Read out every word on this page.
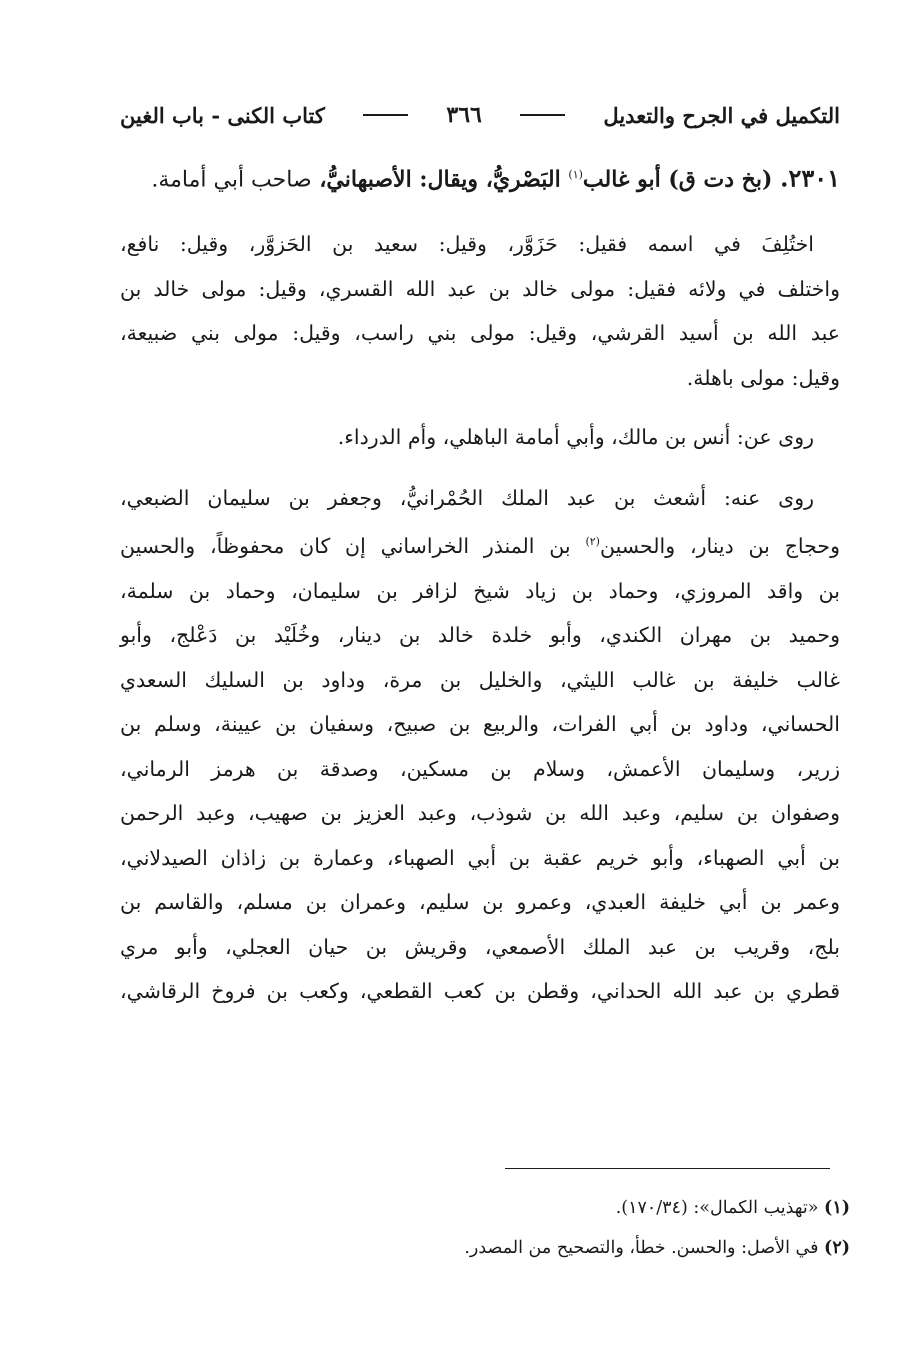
التكميل في الجرح والتعديل
٣٦٦
كتاب الكنى - باب الغين
٢٣٠١. (بخ دت ق) أبو غالب$^{(١)}$ البَصْريُّ، ويقال: الأصبهانيُّ، صاحب أبي أمامة.
اختُلِفَ في اسمه فقيل: حَزَوَّر، وقيل: سعيد بن الحَزوَّر، وقيل: نافع،
واختلف في ولائه فقيل: مولى خالد بن عبد الله القسري، وقيل: مولى خالد بن
عبد الله بن أسيد القرشي، وقيل: مولى بني راسب، وقيل: مولى بني ضبيعة،
وقيل: مولى باهلة.
روى عن: أنس بن مالك، وأبي أمامة الباهلي، وأم الدرداء.
روى عنه: أشعث بن عبد الملك الحُمْرانيُّ، وجعفر بن سليمان الضبعي،
وحجاج بن دينار، والحسين$^{(٢)}$ بن المنذر الخراساني إن كان محفوظاً، والحسين
بن واقد المروزي، وحماد بن زياد شيخ لزافر بن سليمان، وحماد بن سلمة،
وحميد بن مهران الكندي، وأبو خلدة خالد بن دينار، وخُلَيْد بن دَعْلج، وأبو
غالب خليفة بن غالب الليثي، والخليل بن مرة، وداود بن السليك السعدي
الحساني، وداود بن أبي الفرات، والربيع بن صبيح، وسفيان بن عيينة، وسلم بن
زرير، وسليمان الأعمش، وسلام بن مسكين، وصدقة بن هرمز الرماني،
وصفوان بن سليم، وعبد الله بن شوذب، وعبد العزيز بن صهيب، وعبد الرحمن
بن أبي الصهباء، وأبو خريم عقبة بن أبي الصهباء، وعمارة بن زاذان الصيدلاني،
وعمر بن أبي خليفة العبدي، وعمرو بن سليم، وعمران بن مسلم، والقاسم بن
بلج، وقريب بن عبد الملك الأصمعي، وقريش بن حيان العجلي، وأبو مري
قطري بن عبد الله الحداني، وقطن بن كعب القطعي، وكعب بن فروخ الرقاشي،
(١) «تهذيب الكمال»: (١٧٠/٣٤).
(٢) في الأصل: والحسن. خطأ، والتصحيح من المصدر.
